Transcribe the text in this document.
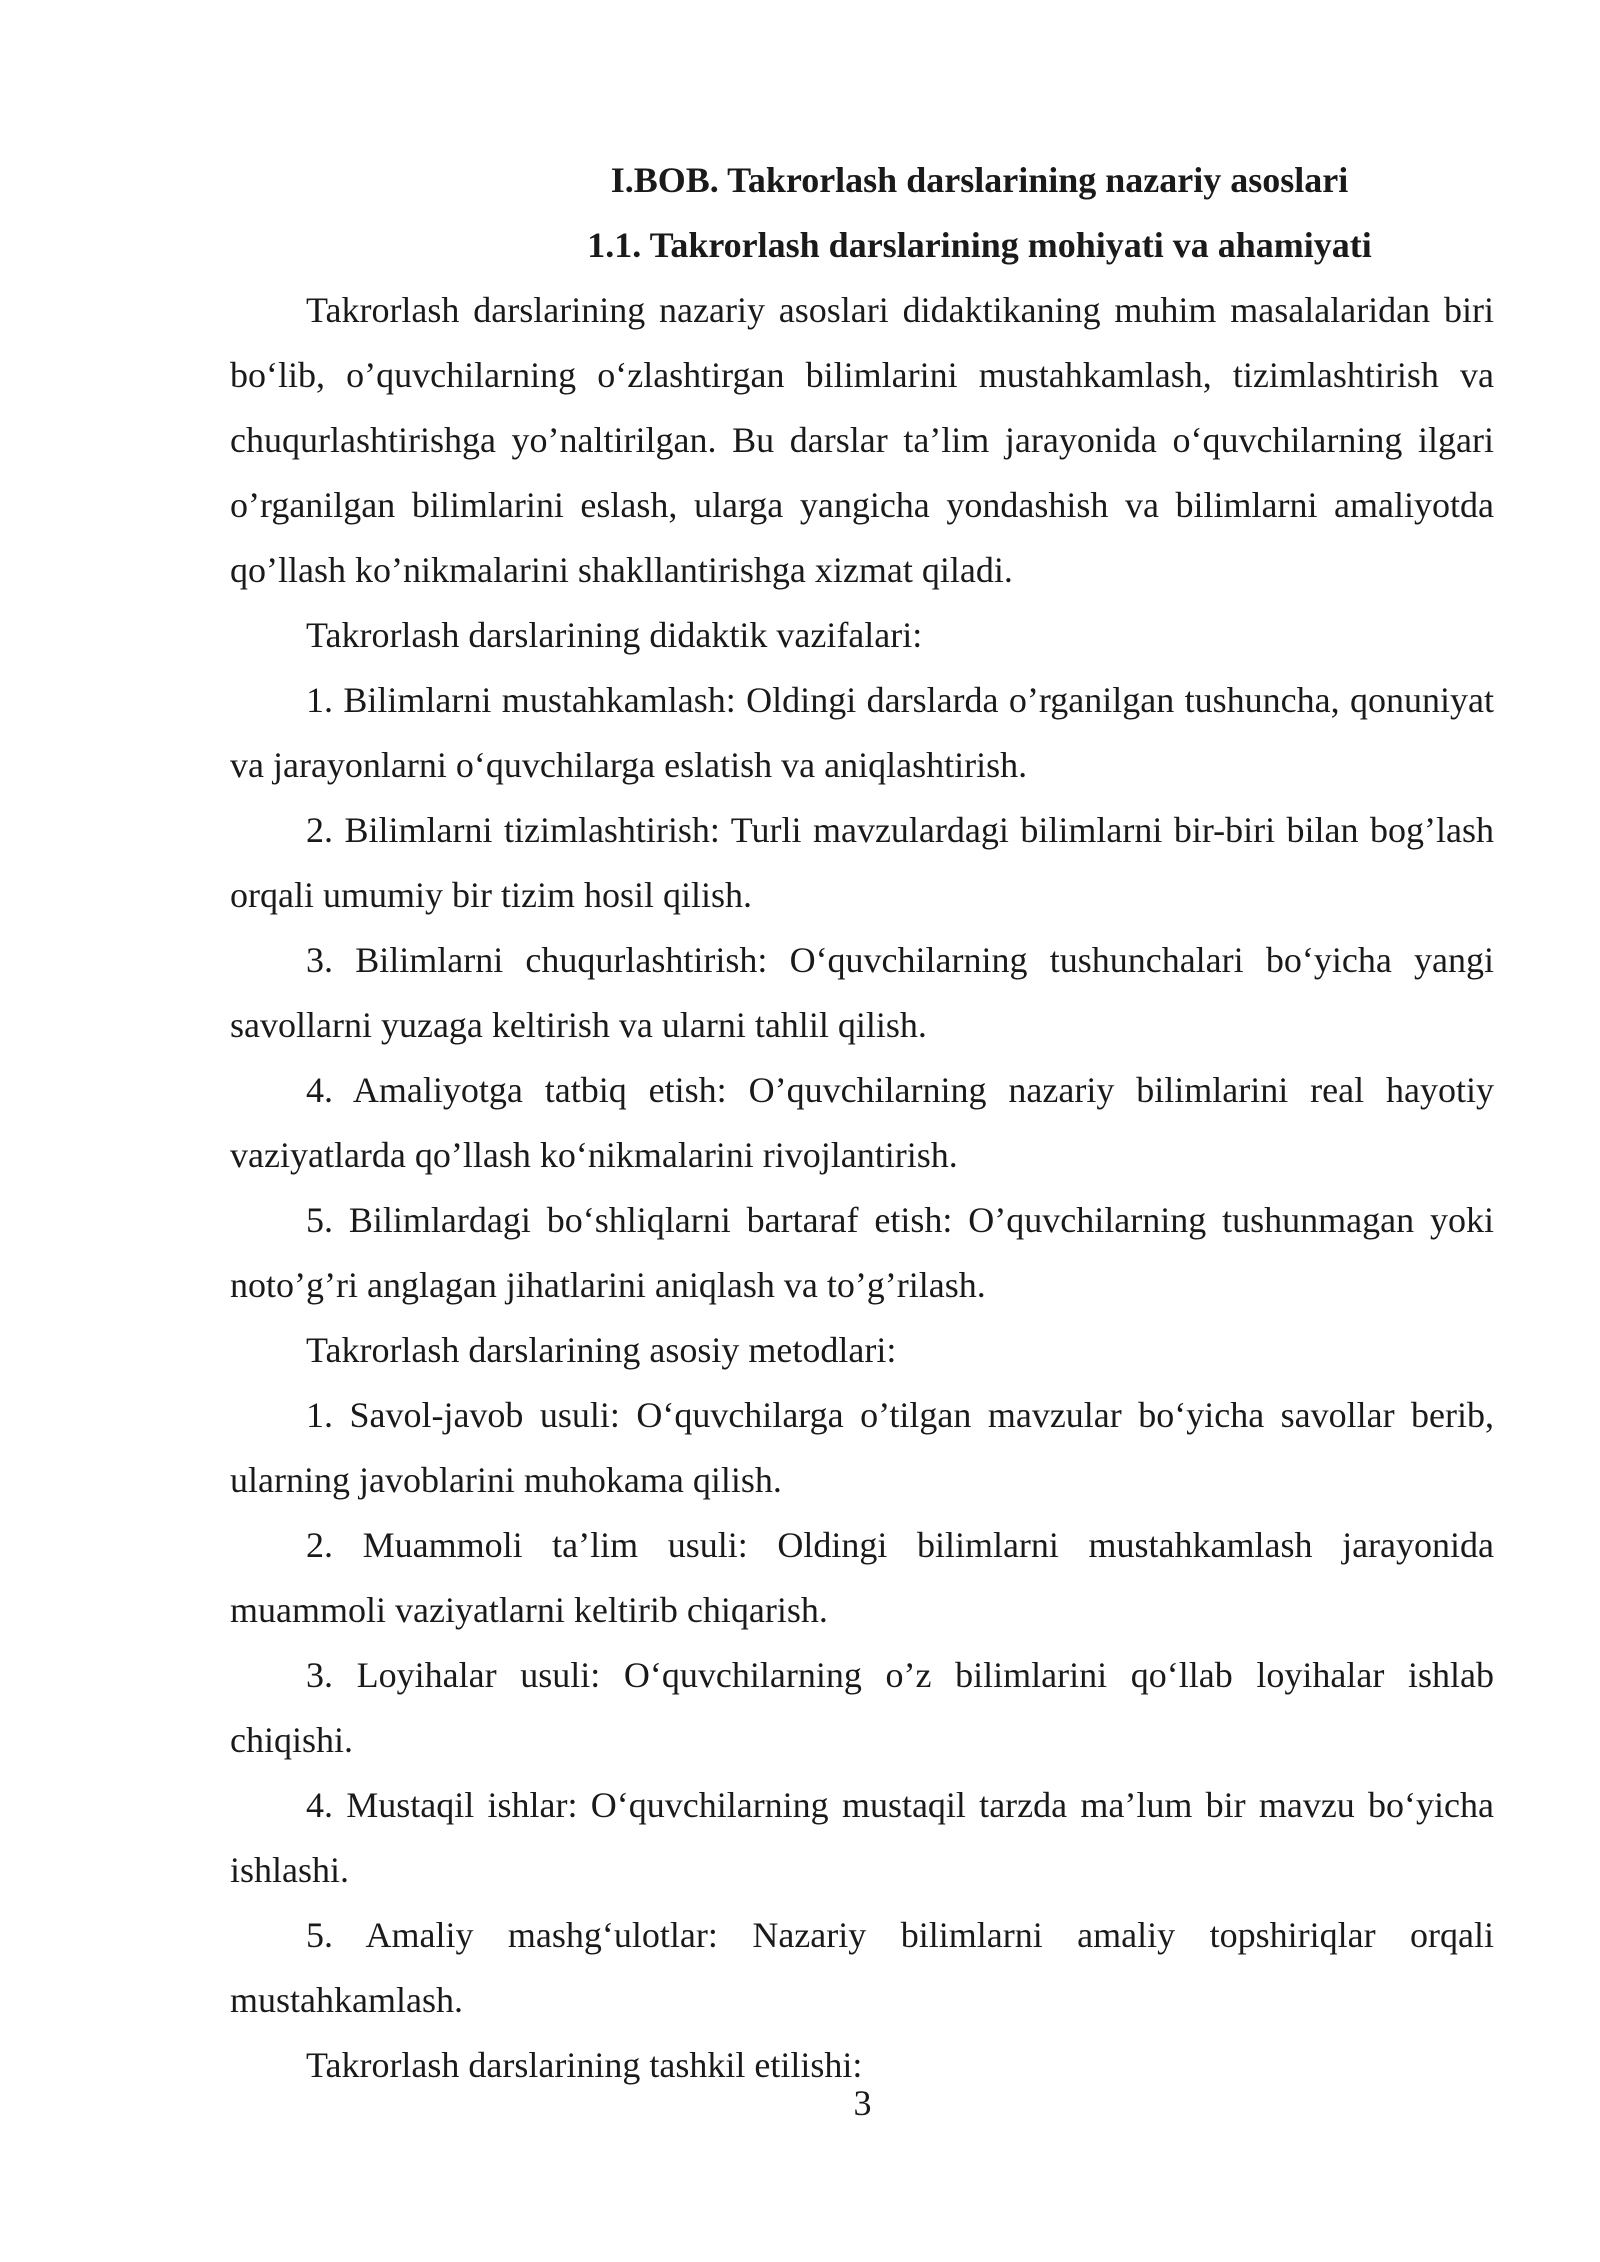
I.BOB. Takrorlash darslarining nazariy asoslari
1.1. Takrorlash darslarining mohiyati va ahamiyati

Takrorlash darslarining nazariy asoslari didaktikaning muhim masalalaridan biri bo‘lib, o’quvchilarning o‘zlashtirgan bilimlarini mustahkamlash, tizimlashtirish va chuqurlashtirishga yo’naltirilgan. Bu darslar ta’lim jarayonida o‘quvchilarning ilgari o’rganilgan bilimlarini eslash, ularga yangicha yondashish va bilimlarni amaliyotda qo’llash ko’nikmalarini shakllantirishga xizmat qiladi.

Takrorlash darslarining didaktik vazifalari:

1. Bilimlarni mustahkamlash: Oldingi darslarda o’rganilgan tushuncha, qonuniyat va jarayonlarni o‘quvchilarga eslatish va aniqlashtirish.

2. Bilimlarni tizimlashtirish: Turli mavzulardagi bilimlarni bir-biri bilan bog’lash orqali umumiy bir tizim hosil qilish.

3. Bilimlarni chuqurlashtirish: O‘quvchilarning tushunchalari bo‘yicha yangi savollarni yuzaga keltirish va ularni tahlil qilish.

4. Amaliyotga tatbiq etish: O’quvchilarning nazariy bilimlarini real hayotiy vaziyatlarda qo’llash ko‘nikmalarini rivojlantirish.

5. Bilimlardagi bo‘shliqlarni bartaraf etish: O’quvchilarning tushunmagan yoki noto’g’ri anglagan jihatlarini aniqlash va to’g’rilash.

Takrorlash darslarining asosiy metodlari:

1. Savol-javob usuli: O‘quvchilarga o’tilgan mavzular bo‘yicha savollar berib, ularning javoblarini muhokama qilish.

2. Muammoli ta’lim usuli: Oldingi bilimlarni mustahkamlash jarayonida muammoli vaziyatlarni keltirib chiqarish.

3. Loyihalar usuli: O‘quvchilarning o’z bilimlarini qo‘llab loyihalar ishlab chiqishi.

4. Mustaqil ishlar: O‘quvchilarning mustaqil tarzda ma’lum bir mavzu bo‘yicha ishlashi.

5. Amaliy mashg‘ulotlar: Nazariy bilimlarni amaliy topshiriqlar orqali mustahkamlash.

Takrorlash darslarining tashkil etilishi:

3
